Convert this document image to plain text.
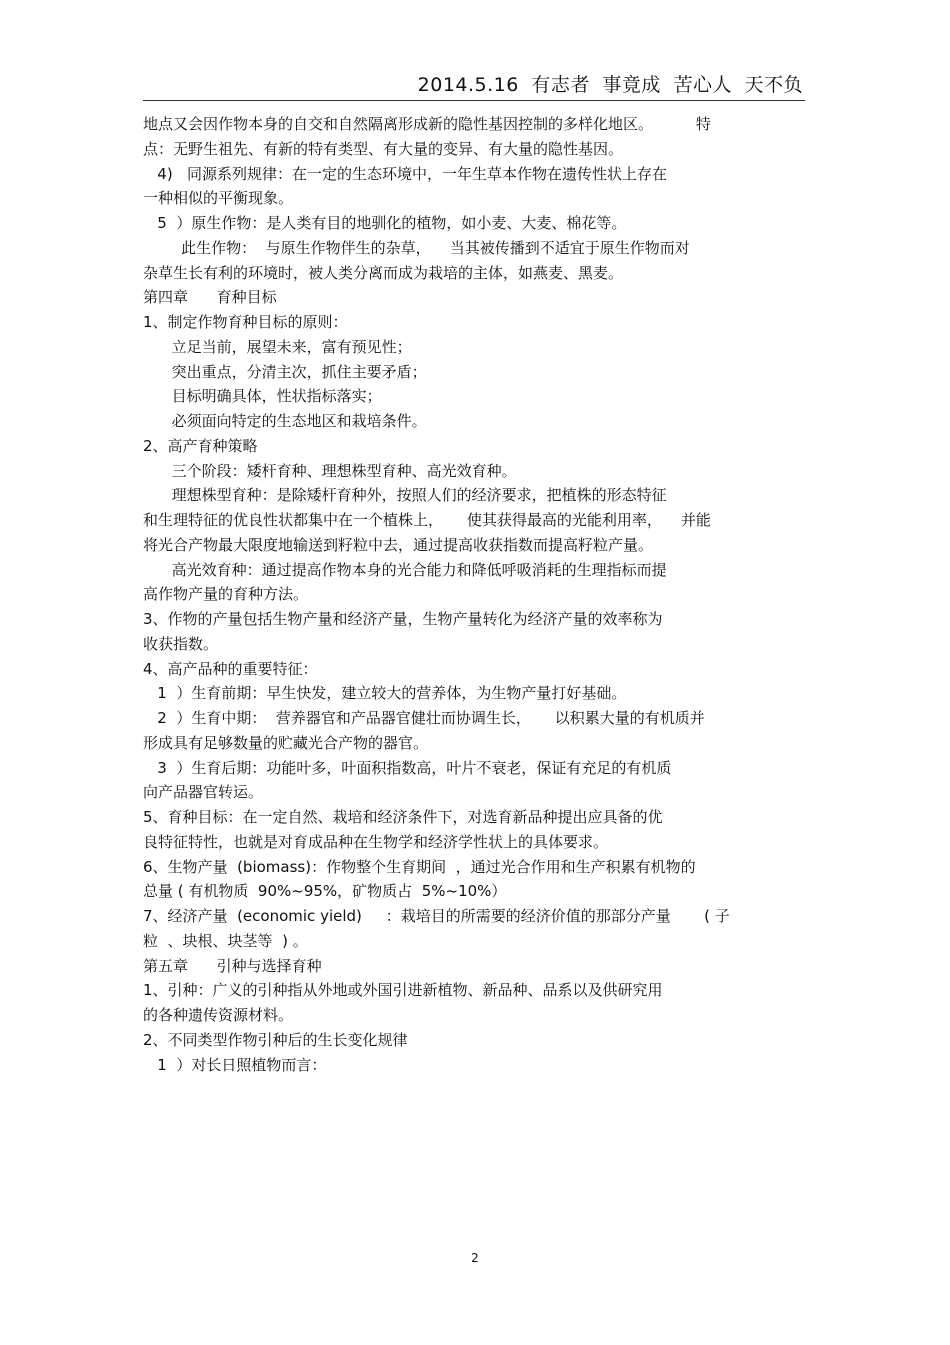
2014.5.16 有志者 事竟成 苦心人 天不负
地点又会因作物本身的自交和自然隔离形成新的隐性基因控制的多样化地区。         特
点：无野生祖先、有新的特有类型、有大量的变异、有大量的隐性基因。
4)   同源系列规律：在一定的生态环境中，一年生草本作物在遗传性状上存在
一种相似的平衡现象。
5  ）原生作物：是人类有目的地驯化的植物，如小麦、大麦、棉花等。
此生作物：  与原生作物伴生的杂草，    当其被传播到不适宜于原生作物而对
杂草生长有利的环境时，被人类分离而成为栽培的主体，如燕麦、黑麦。
第四章      育种目标
1、制定作物育种目标的原则：
立足当前，展望未来，富有预见性；
突出重点，分清主次，抓住主要矛盾；
目标明确具体，性状指标落实；
必须面向特定的生态地区和栽培条件。
2、高产育种策略
三个阶段：矮杆育种、理想株型育种、高光效育种。
理想株型育种：是除矮杆育种外，按照人们的经济要求，把植株的形态特征
和生理特征的优良性状都集中在一个植株上，     使其获得最高的光能利用率，    并能
将光合产物最大限度地输送到籽粒中去，通过提高收获指数而提高籽粒产量。
高光效育种：通过提高作物本身的光合能力和降低呼吸消耗的生理指标而提
高作物产量的育种方法。
3、作物的产量包括生物产量和经济产量，生物产量转化为经济产量的效率称为
收获指数。
4、高产品种的重要特征：
1  ）生育前期：早生快发，建立较大的营养体，为生物产量打好基础。
2  ）生育中期：  营养器官和产品器官健壮而协调生长，     以积累大量的有机质并
形成具有足够数量的贮藏光合产物的器官。
3  ）生育后期：功能叶多，叶面积指数高，叶片不衰老，保证有充足的有机质
向产品器官转运。
5、育种目标：在一定自然、栽培和经济条件下，对选育新品种提出应具备的优
良特征特性，也就是对育成品种在生物学和经济学性状上的具体要求。
6、生物产量  (biomass)：作物整个生育期间  ，通过光合作用和生产积累有机物的
总量 ( 有机物质  90%~95%，矿物质占  5%~10%）
7、经济产量  (economic yield)     ：栽培目的所需要的经济价值的那部分产量       ( 子
粒  、块根、块茎等  ) 。
第五章      引种与选择育种
1、引种：广义的引种指从外地或外国引进新植物、新品种、品系以及供研究用
的各种遗传资源材料。
2、不同类型作物引种后的生长变化规律
1  ）对长日照植物而言：
2
